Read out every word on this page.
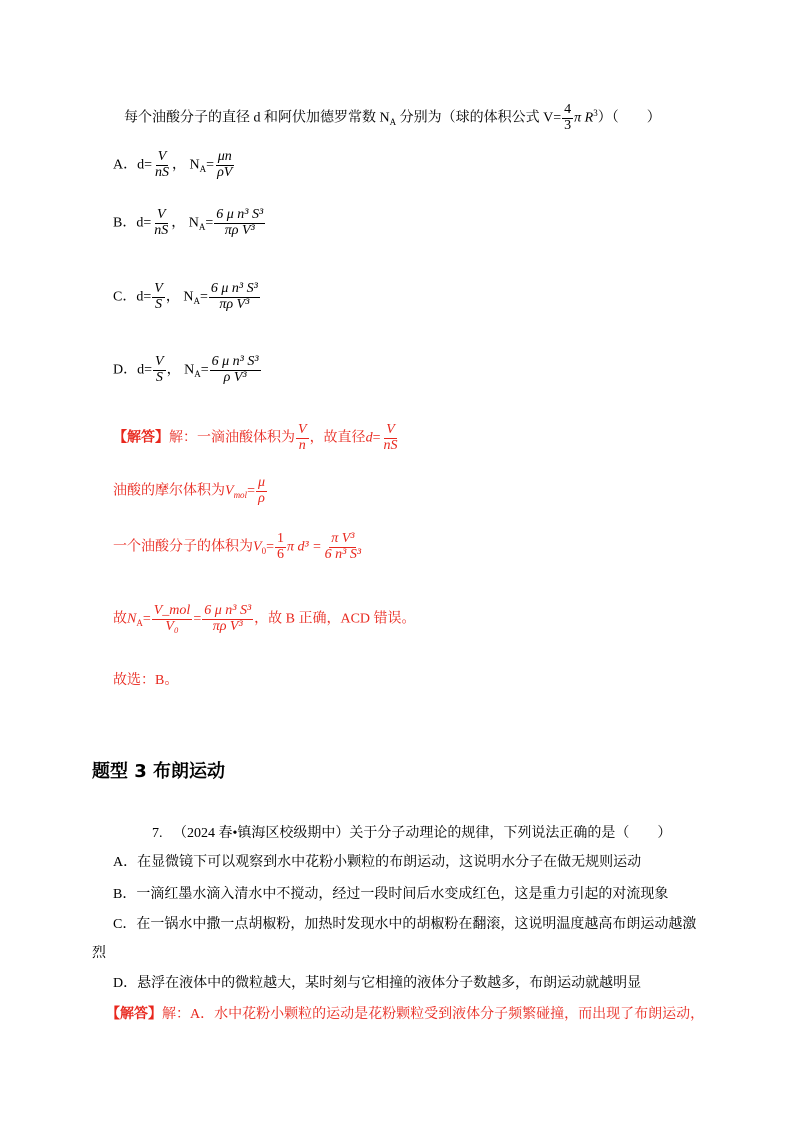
每个油酸分子的直径 d 和阿伏加德罗常数 $N_A$ 分别为（球的体积公式 $V= \frac{4}{3}$ π $R^3$）（　　）
A．$d= \frac{V}{nS}$ ， $N_A= \frac{\mu n}{\rho V}$
B．$d= \frac{V}{nS}$ ， $N_A= \frac{\text{6 μ n³ S³}}{\text{πρ V³}}$
C．$d= \frac{V}{S}$ ， $N_A= \frac{\text{6 μ n³ S³}}{\text{πρ V³}}$
D．$d= \frac{V}{S}$ ， $N_A= \frac{\text{6 μ n³ S³}}{\text{ρ V³}}$
【解答】解：一滴油酸体积为 $\frac{V}{n}$ ，故直径$d= \frac{V}{nS}$
油酸的摩尔体积为$V_{mol}= \frac{\mu}{\rho}$
一个油酸分子的体积为$V_0= \frac{1}{6}$ π $d^3 = \frac{\text{π V³}}{\text{6 n³ S³}}$
故$N_A= \frac{\text{V\_mol}}{\text{V₀}} = \frac{\text{6 μ n³ S³}}{\text{πρ V³}}$ ，故 B 正确，ACD 错误。
故选：B。
题型 3 布朗运动
7. （2024 春•镇海区校级期中）关于分子动理论的规律，下列说法正确的是（　　）
A．在显微镜下可以观察到水中花粉小颗粒的布朗运动，这说明水分子在做无规则运动
B．一滴红墨水滴入清水中不搅动，经过一段时间后水变成红色，这是重力引起的对流现象
C．在一锅水中撒一点胡椒粉，加热时发现水中的胡椒粉在翻滚，这说明温度越高布朗运动越激
烈
D．悬浮在液体中的微粒越大，某时刻与它相撞的液体分子数越多，布朗运动就越明显
【解答】解：A．水中花粉小颗粒的运动是花粉颗粒受到液体分子频繁碰撞，而出现了布朗运动，
